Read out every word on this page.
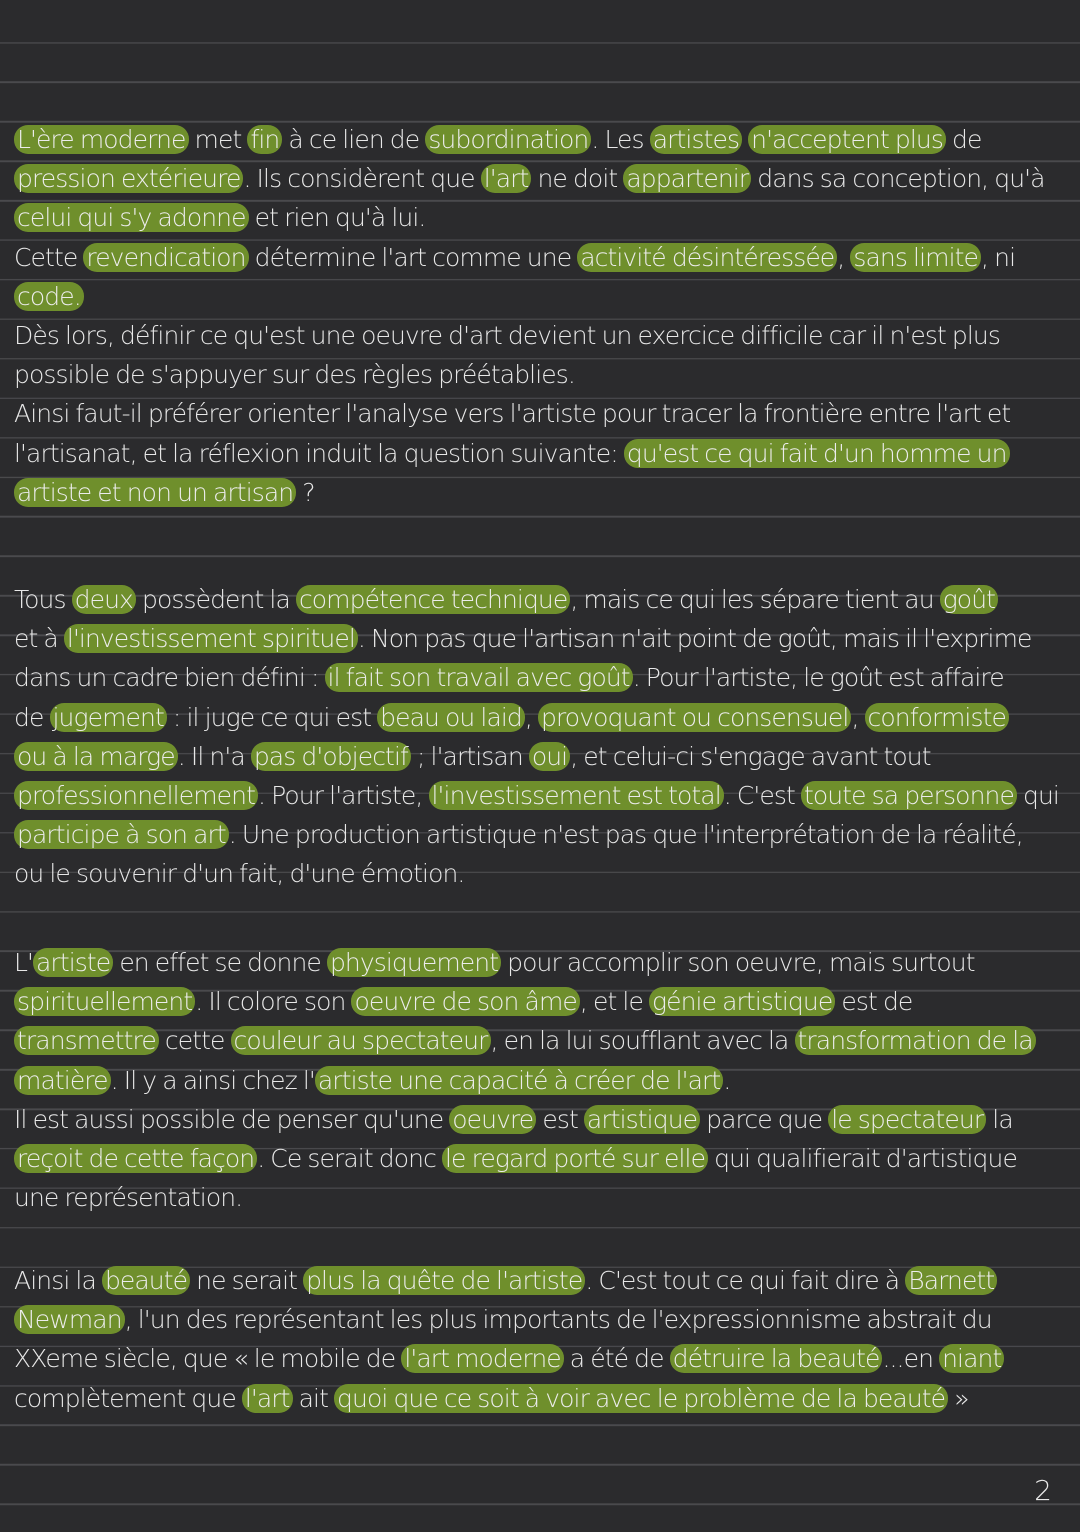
L'ère moderne met fin à ce lien de subordination . Les artistes n'acceptent plus de
pression extérieure . Ils considèrent que l'art ne doit appartenir dans sa conception, qu'à
celui qui s'y adonne et rien qu'à lui.
Cette revendication détermine l'art comme une activité désintéressée , sans limite , ni
code.
Dès lors, définir ce qu'est une oeuvre d'art devient un exercice difficile car il n'est plus
possible de s'appuyer sur des règles préétablies.
Ainsi faut-il préférer orienter l'analyse vers l'artiste pour tracer la frontière entre l'art et
l'artisanat, et la réflexion induit la question suivante: qu'est ce qui fait d'un homme un
artiste et non un artisan ?
Tous deux possèdent la compétence technique , mais ce qui les sépare tient au goût
et à l'investissement spirituel . Non pas que l'artisan n'ait point de goût, mais il l'exprime
dans un cadre bien défini : il fait son travail avec goût . Pour l'artiste, le goût est affaire
de jugement : il juge ce qui est beau ou laid , provoquant ou consensuel , conformiste
ou à la marge . Il n'a pas d'objectif ; l'artisan oui , et celui-ci s'engage avant tout
professionnellement . Pour l'artiste, l'investissement est total . C'est toute sa personne qui
participe à son art . Une production artistique n'est pas que l'interprétation de la réalité,
ou le souvenir d'un fait, d'une émotion.
L' artiste en effet se donne physiquement pour accomplir son oeuvre, mais surtout
spirituellement . Il colore son oeuvre de son âme , et le génie artistique est de
transmettre cette couleur au spectateur , en la lui soufflant avec la transformation de la
matière . Il y a ainsi chez l' artiste une capacité à créer de l'art .
Il est aussi possible de penser qu'une oeuvre est artistique parce que le spectateur la
reçoit de cette façon . Ce serait donc le regard porté sur elle qui qualifierait d'artistique
une représentation.
Ainsi la beauté ne serait plus la quête de l'artiste . C'est tout ce qui fait dire à Barnett
Newman , l'un des représentant les plus importants de l'expressionnisme abstrait du
XXeme siècle, que « le mobile de l'art moderne a été de détruire la beauté ...en niant
complètement que l'art ait quoi que ce soit à voir avec le problème de la beauté »
2
